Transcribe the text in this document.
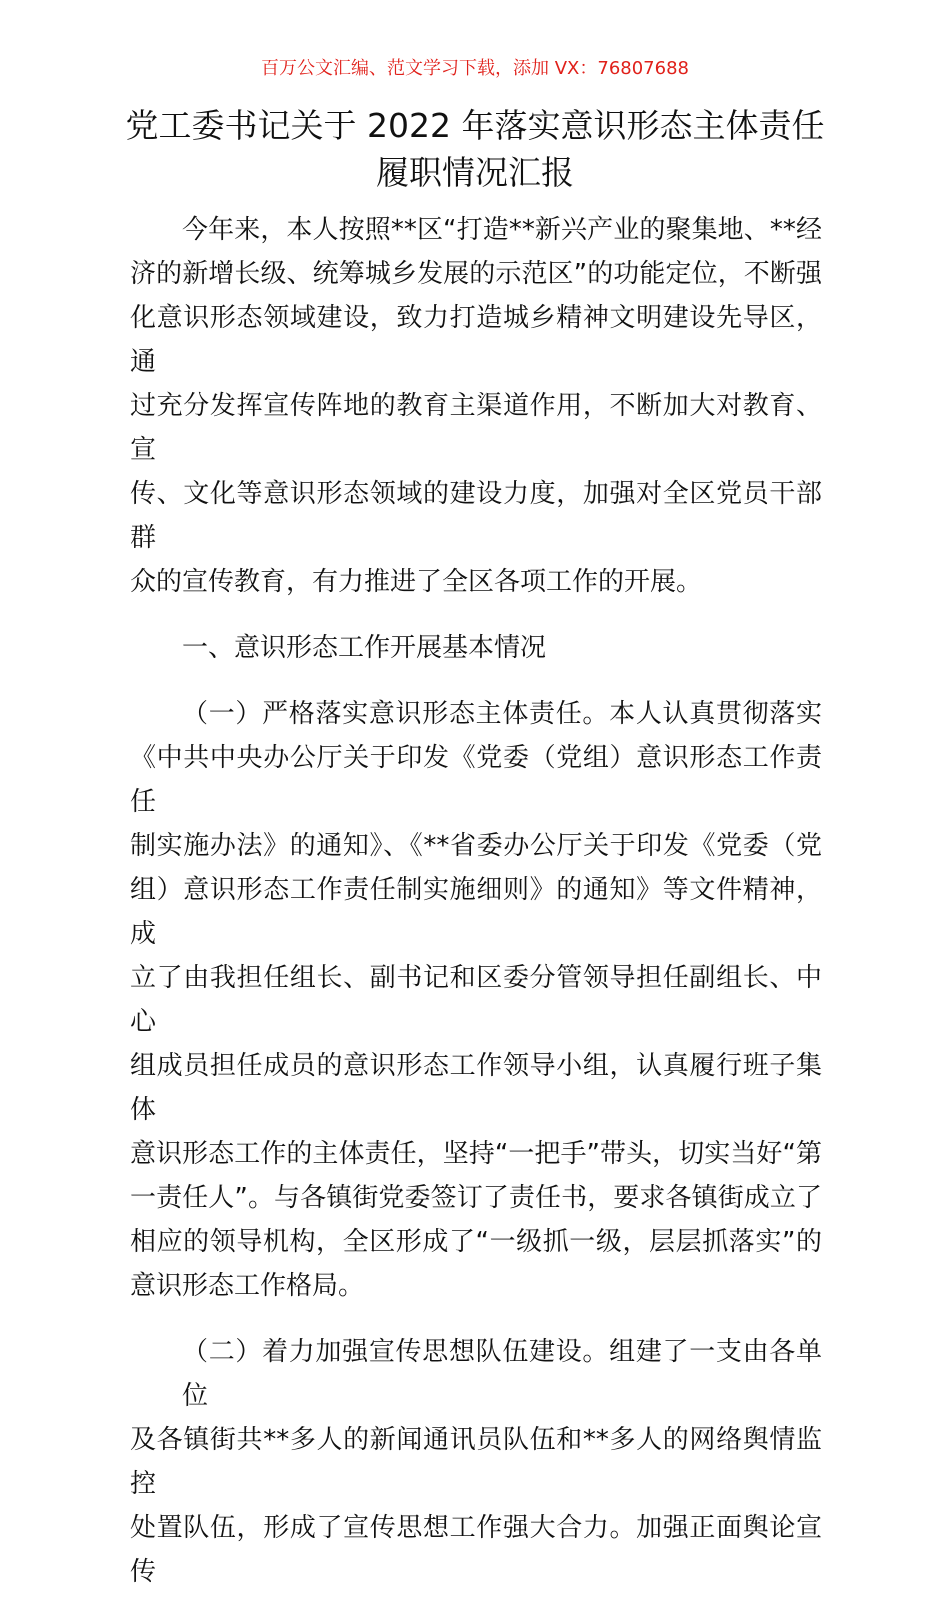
百万公文汇编、范文学习下载，添加 VX：76807688
党工委书记关于 2022 年落实意识形态主体责任
履职情况汇报
今年来，本人按照**区“打造**新兴产业的聚集地、**经
济的新增长级、统筹城乡发展的示范区”的功能定位，不断强
化意识形态领域建设，致力打造城乡精神文明建设先导区，通
过充分发挥宣传阵地的教育主渠道作用，不断加大对教育、宣
传、文化等意识形态领域的建设力度，加强对全区党员干部群
众的宣传教育，有力推进了全区各项工作的开展。
一、意识形态工作开展基本情况
（一）严格落实意识形态主体责任。本人认真贯彻落实
《中共中央办公厅关于印发《党委（党组）意识形态工作责任
制实施办法》的通知》、《**省委办公厅关于印发《党委（党
组）意识形态工作责任制实施细则》的通知》等文件精神，成
立了由我担任组长、副书记和区委分管领导担任副组长、中心
组成员担任成员的意识形态工作领导小组，认真履行班子集体
意识形态工作的主体责任，坚持“一把手”带头，切实当好“第
一责任人”。与各镇街党委签订了责任书，要求各镇街成立了
相应的领导机构，全区形成了“一级抓一级，层层抓落实”的
意识形态工作格局。
（二）着力加强宣传思想队伍建设。组建了一支由各单位
及各镇街共**多人的新闻通讯员队伍和**多人的网络舆情监控
处置队伍，形成了宣传思想工作强大合力。加强正面舆论宣传
